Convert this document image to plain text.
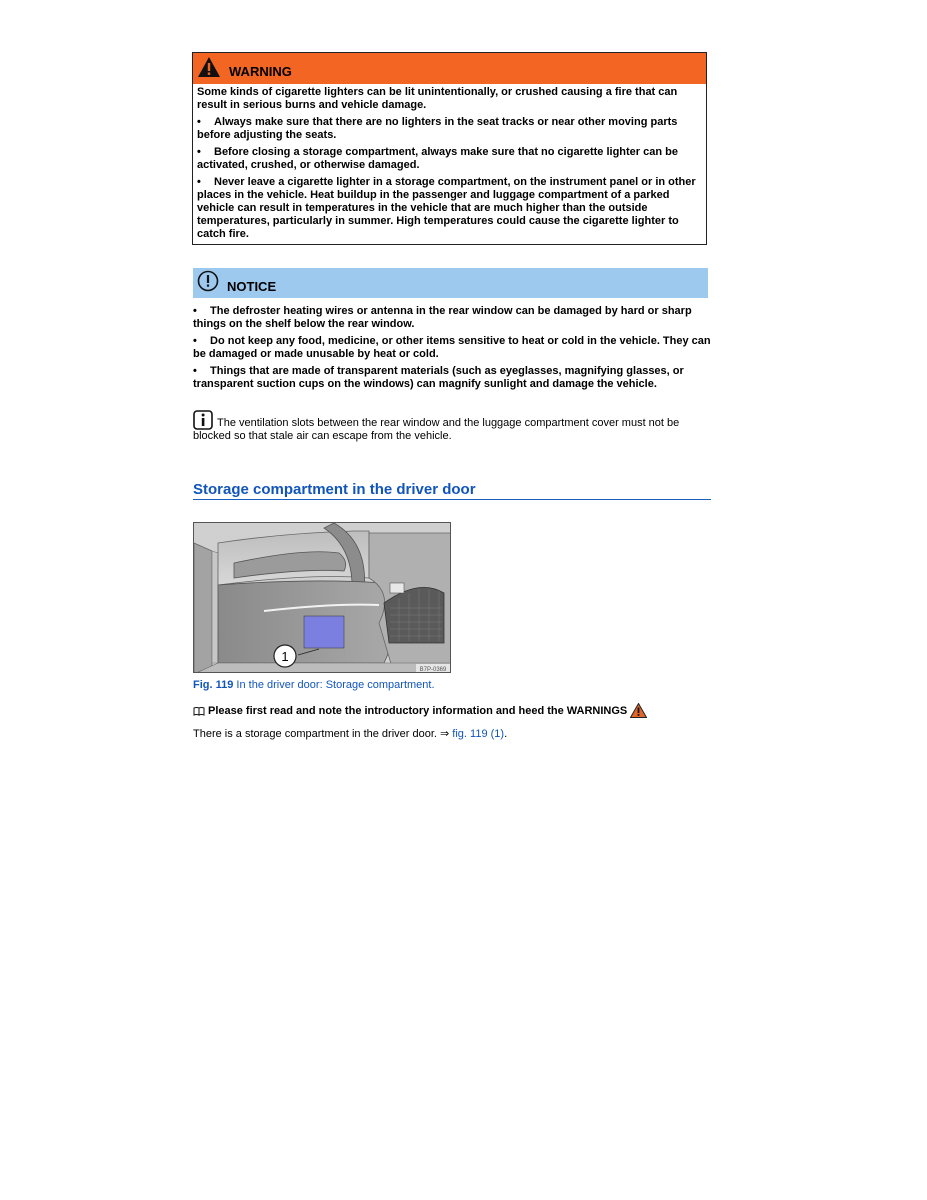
WARNING

Some kinds of cigarette lighters can be lit unintentionally, or crushed causing a fire that can result in serious burns and vehicle damage.

• Always make sure that there are no lighters in the seat tracks or near other moving parts before adjusting the seats.

• Before closing a storage compartment, always make sure that no cigarette lighter can be activated, crushed, or otherwise damaged.

• Never leave a cigarette lighter in a storage compartment, on the instrument panel or in other places in the vehicle. Heat buildup in the passenger and luggage compartment of a parked vehicle can result in temperatures in the vehicle that are much higher than the outside temperatures, particularly in summer. High temperatures could cause the cigarette lighter to catch fire.

NOTICE

• The defroster heating wires or antenna in the rear window can be damaged by hard or sharp things on the shelf below the rear window.

• Do not keep any food, medicine, or other items sensitive to heat or cold in the vehicle. They can be damaged or made unusable by heat or cold.

• Things that are made of transparent materials (such as eyeglasses, magnifying glasses, or transparent suction cups on the windows) can magnify sunlight and damage the vehicle.

The ventilation slots between the rear window and the luggage compartment cover must not be blocked so that stale air can escape from the vehicle.
Storage compartment in the driver door
1
B7P-0369
Fig. 119 In the driver door: Storage compartment.
Please first read and note the introductory information and heed the WARNINGS
There is a storage compartment in the driver door. ⇒ fig. 119 (1).
